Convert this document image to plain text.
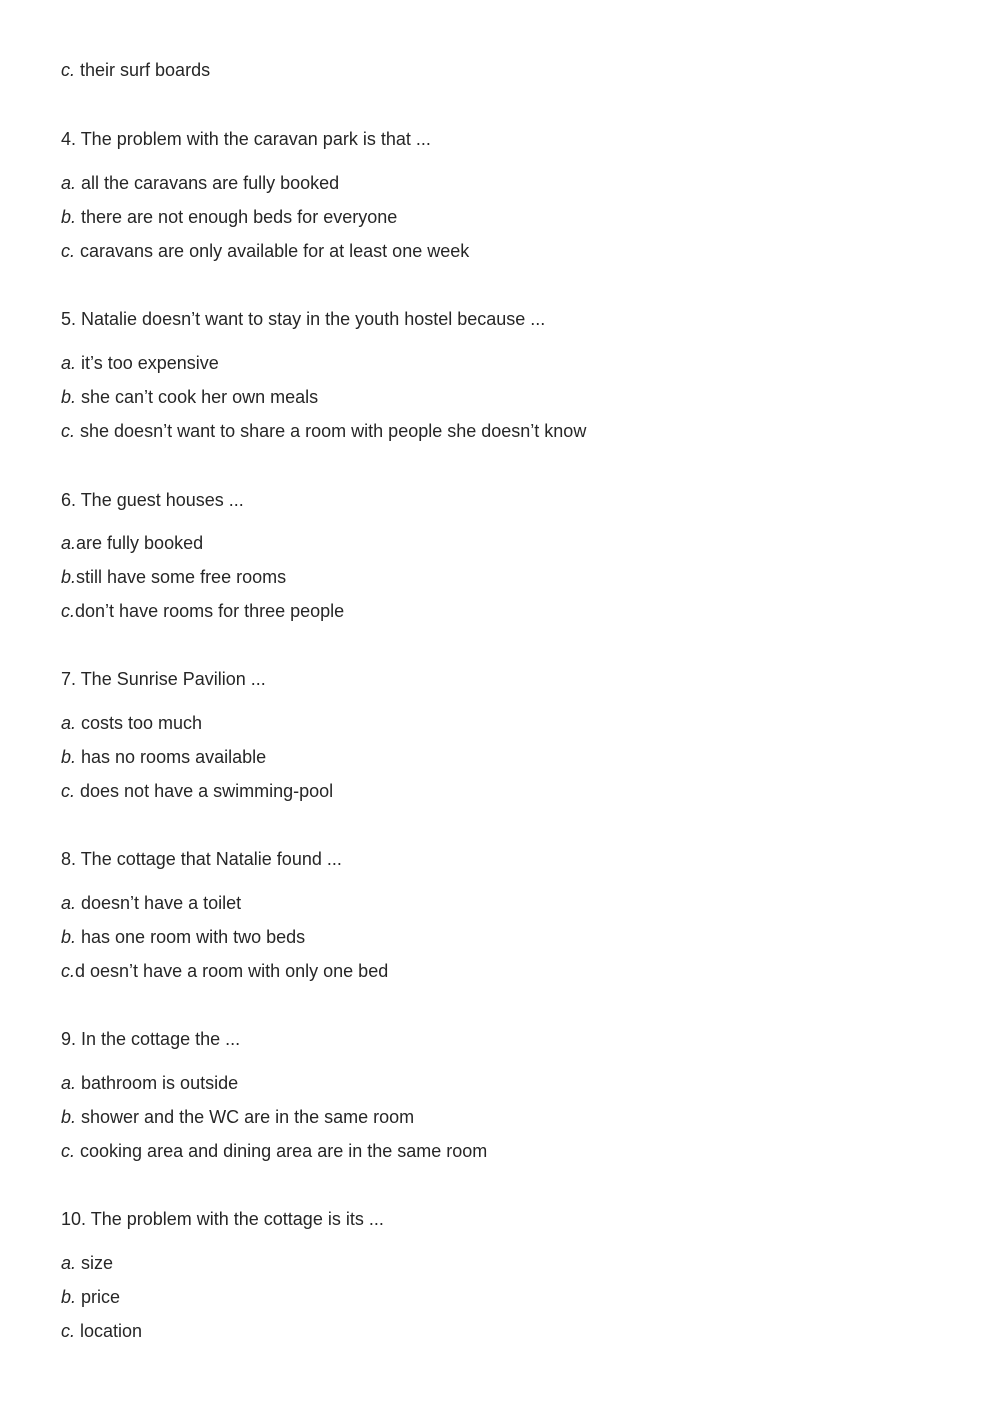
c. their surf boards
4. The problem with the caravan park is that ...
a. all the caravans are fully booked
b. there are not enough beds for everyone
c. caravans are only available for at least one week
5. Natalie doesn’t want to stay in the youth hostel because ...
a. it’s too expensive
b. she can’t cook her own meals
c. she doesn’t want to share a room with people she doesn’t know
6. The guest houses ...
a.are fully booked
b.still have some free rooms
c.don’t have rooms for three people
7. The Sunrise Pavilion ...
a. costs too much
b. has no rooms available
c. does not have a swimming-pool
8. The cottage that Natalie found ...
a. doesn’t have a toilet
b. has one room with two beds
c.d oesn’t have a room with only one bed
9. In the cottage the ...
a. bathroom is outside
b. shower and the WC are in the same room
c. cooking area and dining area are in the same room
10. The problem with the cottage is its ...
a. size
b. price
c. location
